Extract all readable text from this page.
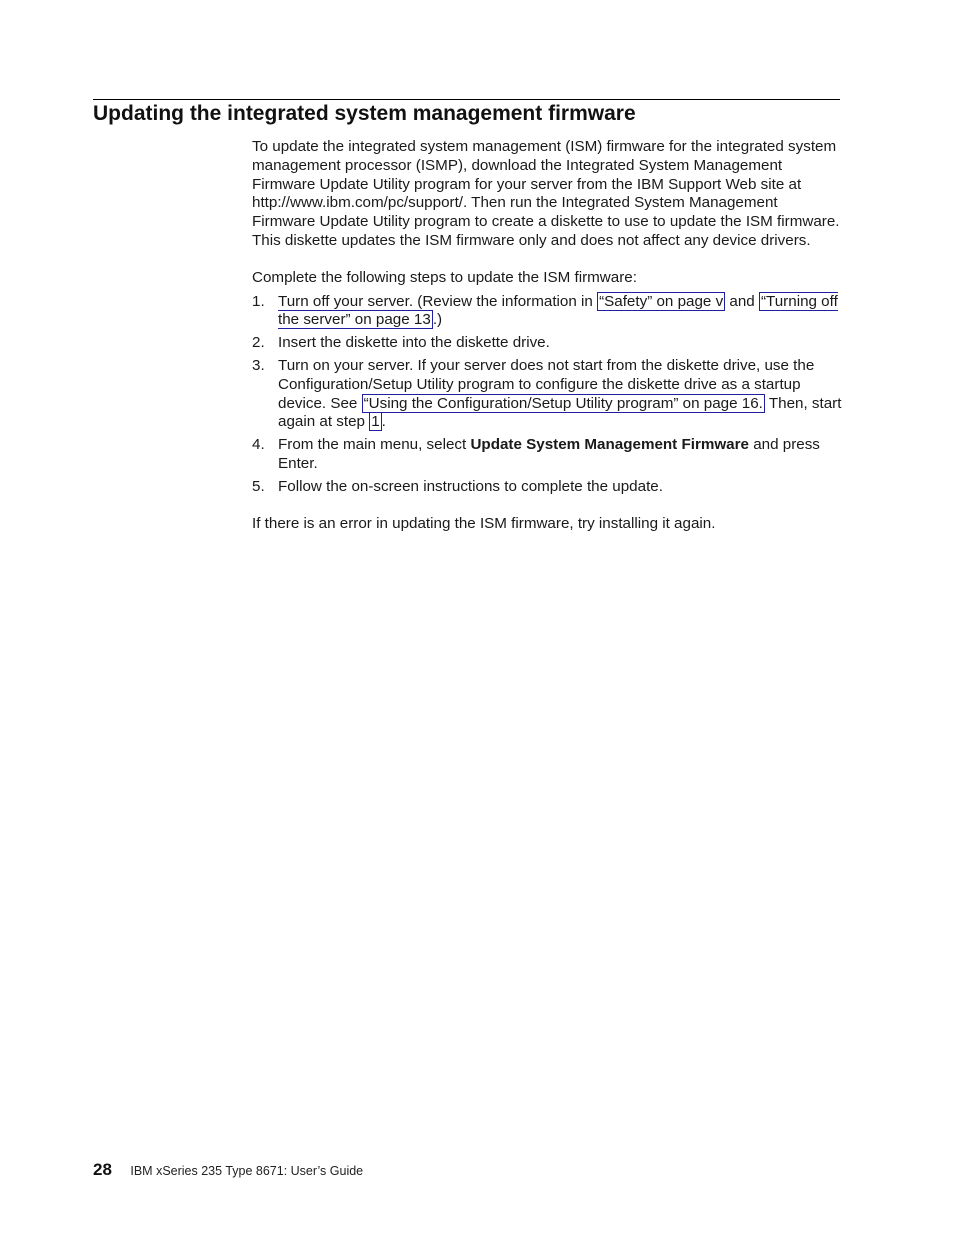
Updating the integrated system management firmware

To update the integrated system management (ISM) firmware for the integrated system management processor (ISMP), download the Integrated System Management Firmware Update Utility program for your server from the IBM Support Web site at http://www.ibm.com/pc/support/. Then run the Integrated System Management Firmware Update Utility program to create a diskette to use to update the ISM firmware. This diskette updates the ISM firmware only and does not affect any device drivers.

Complete the following steps to update the ISM firmware:

1. Turn off your server. (Review the information in “Safety” on page v and “Turning off the server” on page 13 .)
2. Insert the diskette into the diskette drive.
3. Turn on your server. If your server does not start from the diskette drive, use the Configuration/Setup Utility program to configure the diskette drive as a startup device. See “Using the Configuration/Setup Utility program” on page 16. Then, start again at step 1 .
4. From the main menu, select Update System Management Firmware and press Enter.
5. Follow the on-screen instructions to complete the update.

If there is an error in updating the ISM firmware, try installing it again.

28 IBM xSeries 235 Type 8671: User’s Guide
